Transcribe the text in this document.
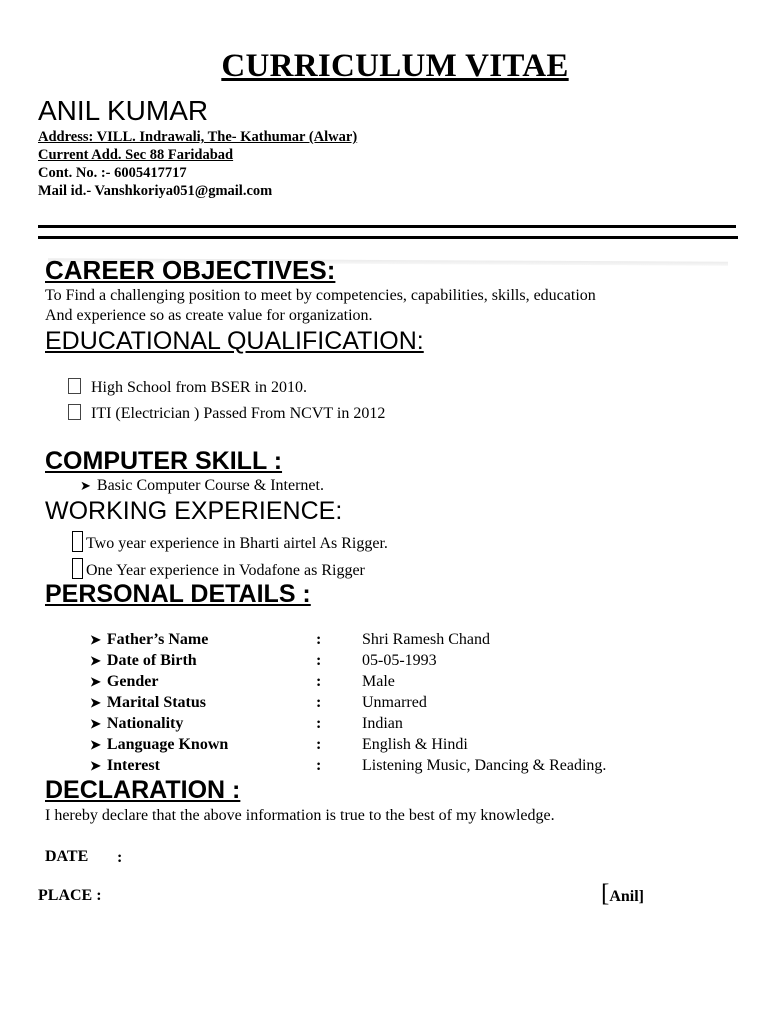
CURRICULUM VITAE
ANIL KUMAR
Address: VILL. Indrawali, The- Kathumar (Alwar)
Current Add. Sec 88 Faridabad
Cont. No. :- 6005417717
Mail id.- Vanshkoriya051@gmail.com
CAREER OBJECTIVES:
To Find a challenging position to meet by competencies, capabilities, skills, education
And experience so as create value for organization.
EDUCATIONAL QUALIFICATION:
High School from BSER in 2010.
ITI (Electrician ) Passed From NCVT in 2012
COMPUTER SKILL :
➤ Basic Computer Course & Internet.
WORKING EXPERIENCE:
Two year experience in Bharti airtel As Rigger.
One Year experience in Vodafone as Rigger
PERSONAL DETAILS :
➤ Father’s Name	:	Shri Ramesh Chand
➤ Date of Birth	:	05-05-1993
➤ Gender	:	Male
➤ Marital Status	:	Unmarred
➤ Nationality	:	Indian
➤ Language Known	:	English & Hindi
➤ Interest	:	Listening Music, Dancing & Reading.
DECLARATION :
I hereby declare that the above information is true to the best of my knowledge.
DATE :
PLACE :	[Anil]
